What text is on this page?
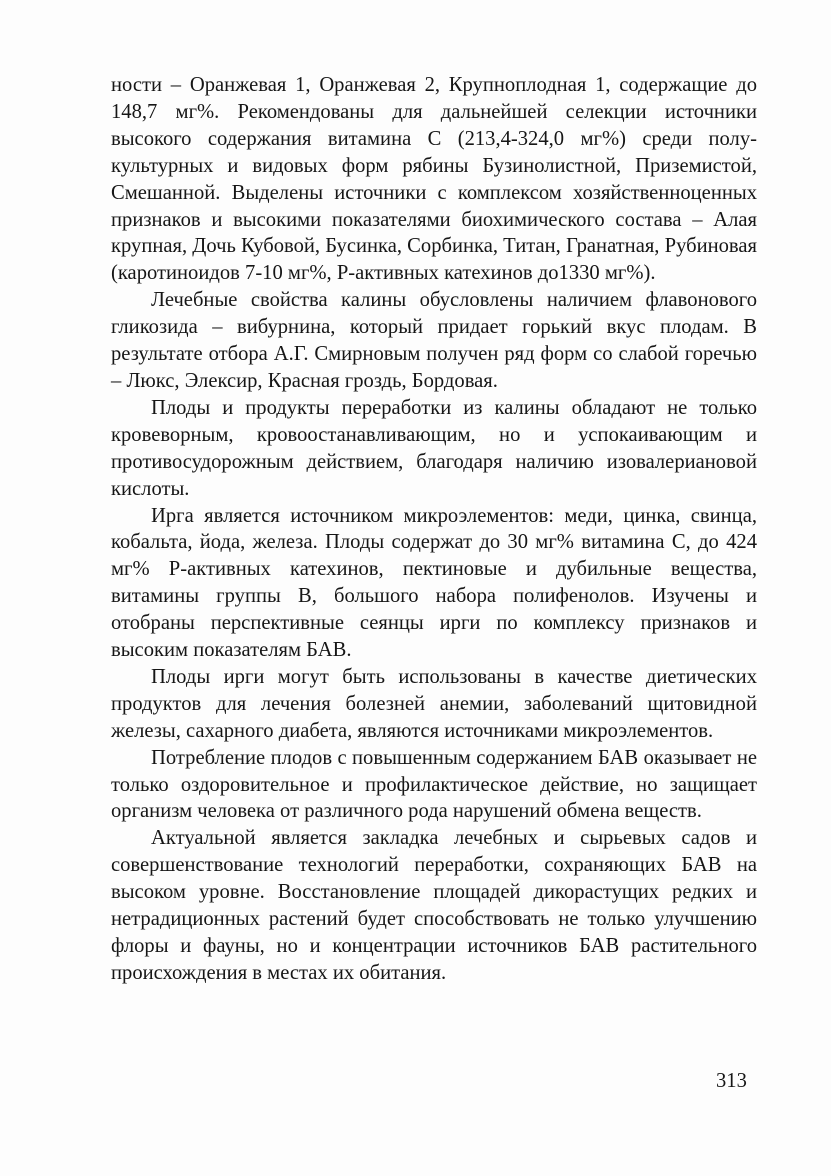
ности – Оранжевая 1, Оранжевая 2, Крупноплодная 1, содержащие до 148,7 мг%. Рекомендованы для дальнейшей селекции источники высокого содержания витамина С (213,4-324,0 мг%) среди полукультурных и видовых форм рябины Бузинолистной, Приземистой, Смешанной. Выделены источники с комплексом хозяйственноценных признаков и высокими показателями биохимического состава – Алая крупная, Дочь Кубовой, Бусинка, Сорбинка, Титан, Гранатная, Рубиновая (каротиноидов 7-10 мг%, Р-активных катехинов до1330 мг%).

Лечебные свойства калины обусловлены наличием флавонового гликозида – вибурнина, который придает горький вкус плодам. В результате отбора А.Г. Смирновым получен ряд форм со слабой горечью – Люкс, Элексир, Красная гроздь, Бордовая.

Плоды и продукты переработки из калины обладают не только кровеворным, кровоостанавливающим, но и успокаивающим и противосудорожным действием, благодаря наличию изовалериановой кислоты.

Ирга является источником микроэлементов: меди, цинка, свинца, кобальта, йода, железа. Плоды содержат до 30 мг% витамина С, до 424 мг% Р-активных катехинов, пектиновые и дубильные вещества, витамины группы В, большого набора полифенолов. Изучены и отобраны перспективные сеянцы ирги по комплексу признаков и высоким показателям БАВ.

Плоды ирги могут быть использованы в качестве диетических продуктов для лечения болезней анемии, заболеваний щитовидной железы, сахарного диабета, являются источниками микроэлементов.

Потребление плодов с повышенным содержанием БАВ оказывает не только оздоровительное и профилактическое действие, но защищает организм человека от различного рода нарушений обмена веществ.

Актуальной является закладка лечебных и сырьевых садов и совершенствование технологий переработки, сохраняющих БАВ на высоком уровне. Восстановление площадей дикорастущих редких и нетрадиционных растений будет способствовать не только улучшению флоры и фауны, но и концентрации источников БАВ растительного происхождения в местах их обитания.

313
